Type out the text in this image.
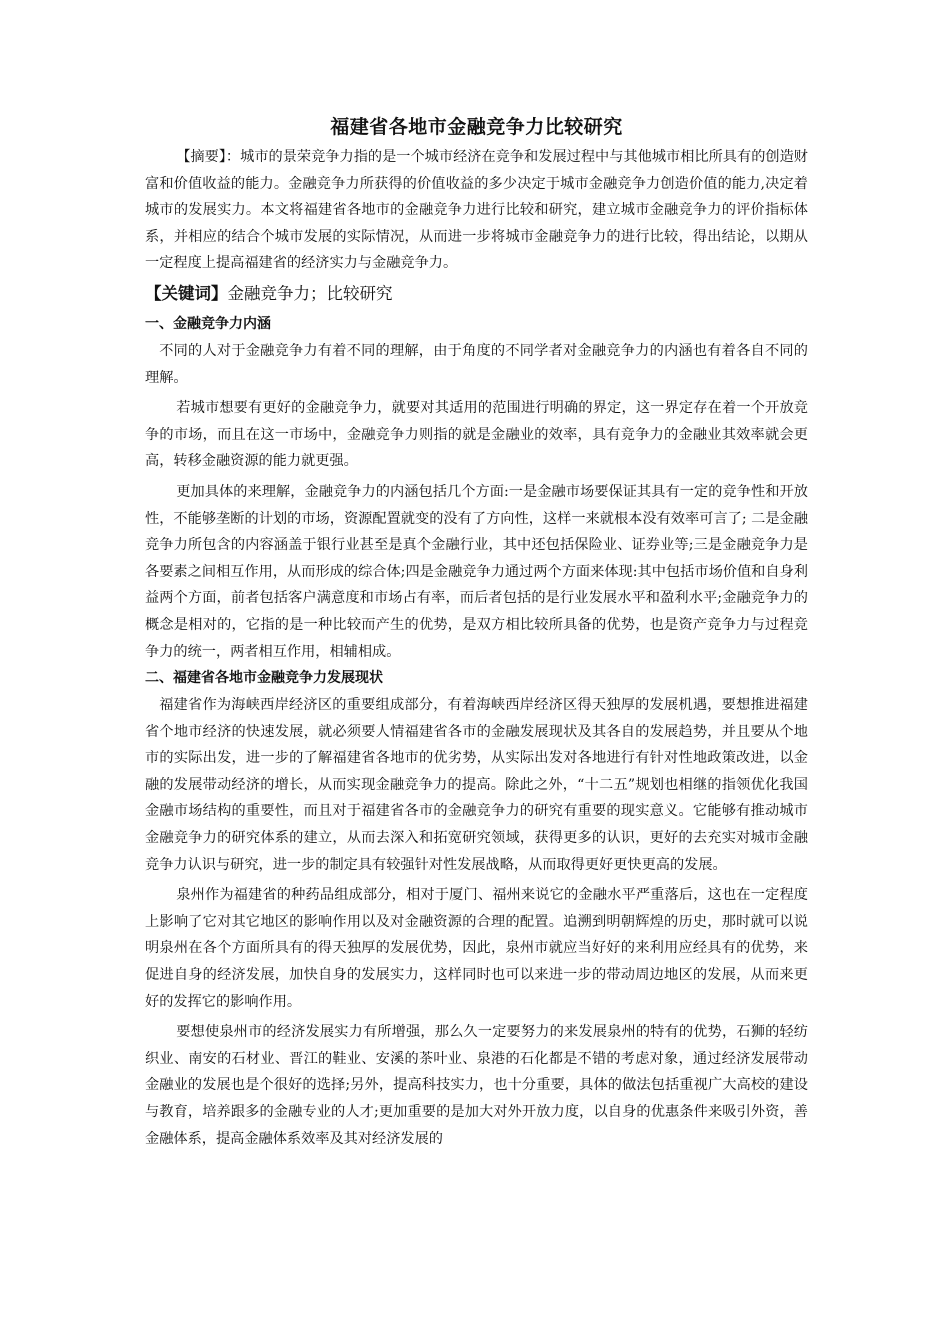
福建省各地市金融竞争力比较研究

【摘要】：城市的景荣竞争力指的是一个城市经济在竞争和发展过程中与其他城市相比所具有的创造财富和价值收益的能力。金融竞争力所获得的价值收益的多少决定于城市金融竞争力创造价值的能力,决定着城市的发展实力。本文将福建省各地市的金融竞争力进行比较和研究，建立城市金融竞争力的评价指标体系，并相应的结合个城市发展的实际情况，从而进一步将城市金融竞争力的进行比较，得出结论，以期从一定程度上提高福建省的经济实力与金融竞争力。

【关键词】金融竞争力；比较研究

一、金融竞争力内涵

不同的人对于金融竞争力有着不同的理解，由于角度的不同学者对金融竞争力的内涵也有着各自不同的理解。

若城市想要有更好的金融竞争力，就要对其适用的范围进行明确的界定，这一界定存在着一个开放竞争的市场，而且在这一市场中，金融竞争力则指的就是金融业的效率，具有竞争力的金融业其效率就会更高，转移金融资源的能力就更强。

更加具体的来理解，金融竞争力的内涵包括几个方面:一是金融市场要保证其具有一定的竞争性和开放性，不能够垄断的计划的市场，资源配置就变的没有了方向性，这样一来就根本没有效率可言了; 二是金融竞争力所包含的内容涵盖于银行业甚至是真个金融行业，其中还包括保险业、证券业等;三是金融竞争力是各要素之间相互作用，从而形成的综合体;四是金融竞争力通过两个方面来体现:其中包括市场价值和自身利益两个方面，前者包括客户满意度和市场占有率，而后者包括的是行业发展水平和盈利水平;金融竞争力的概念是相对的，它指的是一种比较而产生的优势，是双方相比较所具备的优势，也是资产竞争力与过程竞争力的统一，两者相互作用，相辅相成。

二、福建省各地市金融竞争力发展现状

福建省作为海峡西岸经济区的重要组成部分，有着海峡西岸经济区得天独厚的发展机遇，要想推进福建省个地市经济的快速发展，就必须要人情福建省各市的金融发展现状及其各自的发展趋势，并且要从个地市的实际出发，进一步的了解福建省各地市的优劣势，从实际出发对各地进行有针对性地政策改进，以金融的发展带动经济的增长，从而实现金融竞争力的提高。除此之外，“十二五”规划也相继的指领优化我国金融市场结构的重要性，而且对于福建省各市的金融竞争力的研究有重要的现实意义。它能够有推动城市金融竞争力的研究体系的建立，从而去深入和拓宽研究领域，获得更多的认识，更好的去充实对城市金融竞争力认识与研究，进一步的制定具有较强针对性发展战略，从而取得更好更快更高的发展。

泉州作为福建省的种药品组成部分，相对于厦门、福州来说它的金融水平严重落后，这也在一定程度上影响了它对其它地区的影响作用以及对金融资源的合理的配置。追溯到明朝辉煌的历史，那时就可以说明泉州在各个方面所具有的得天独厚的发展优势，因此，泉州市就应当好好的来利用应经具有的优势，来促进自身的经济发展，加快自身的发展实力，这样同时也可以来进一步的带动周边地区的发展，从而来更好的发挥它的影响作用。

要想使泉州市的经济发展实力有所增强，那么久一定要努力的来发展泉州的特有的优势，石狮的轻纺织业、南安的石材业、晋江的鞋业、安溪的茶叶业、泉港的石化都是不错的考虑对象，通过经济发展带动金融业的发展也是个很好的选择;另外，提高科技实力，也十分重要，具体的做法包括重视广大高校的建设与教育，培养跟多的金融专业的人才;更加重要的是加大对外开放力度，以自身的优惠条件来吸引外资，善金融体系，提高金融体系效率及其对经济发展的
